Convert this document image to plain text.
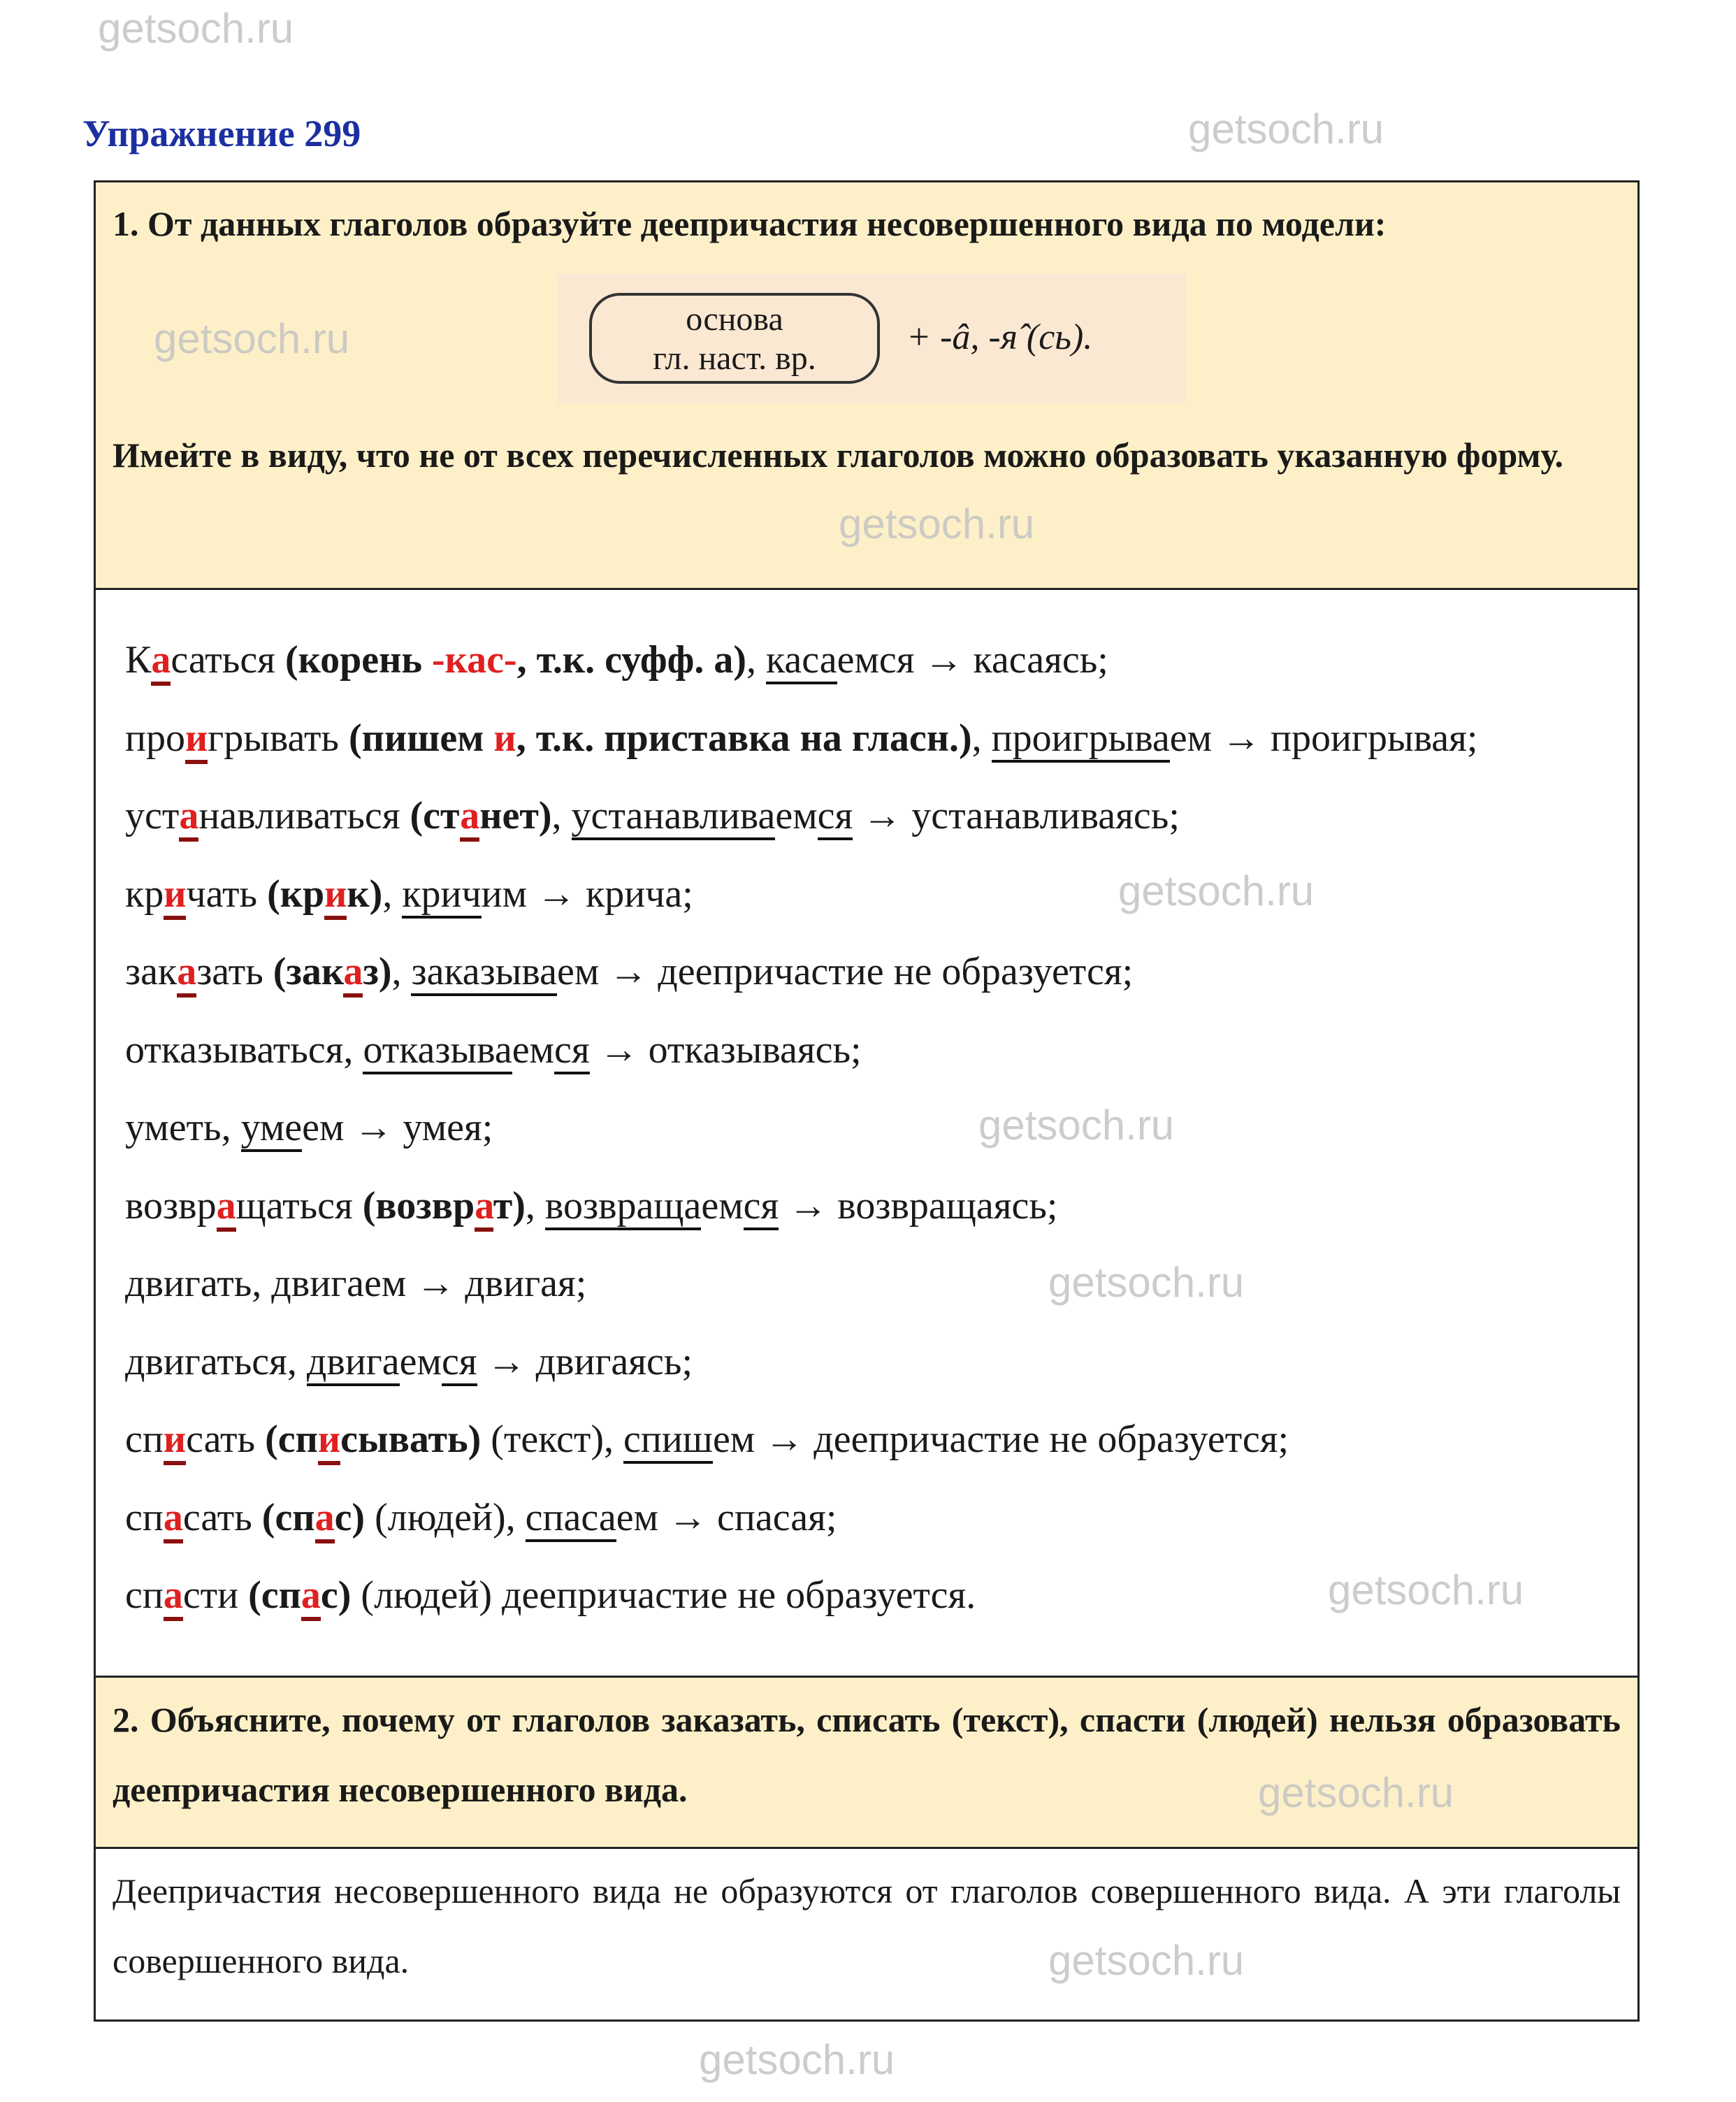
getsoch.ru
Упражнение 299	getsoch.ru
1. От данных глаголов образуйте деепричастия несовершенного вида по модели:
основа
гл. наст. вр.
+ -â, -я̂ (сь).
Имейте в виду, что не от всех перечисленных глаголов можно образовать указанную форму.
Касаться (корень -кас-, т.к. суфф. а), касаемся → касаясь;
проигрывать (пишем и, т.к. приставка на гласн.), проигрываем → проигрывая;
устанавливаться (станет), устанавливаемся → устанавливаясь;
кричать (крик), кричим → крича;
заказать (заказ), заказываем → деепричастие не образуется;
отказываться, отказываемся → отказываясь;
уметь, умеем → умея;
возвращаться (возврат), возвращаемся → возвращаясь;
двигать, двигаем → двигая;
двигаться, двигаемся → двигаясь;
списать (списывать) (текст), спишем → деепричастие не образуется;
спасать (спас) (людей), спасаем → спасая;
спасти (спас) (людей) деепричастие не образуется.
2. Объясните, почему от глаголов заказать, списать (текст), спасти (людей) нельзя образовать деепричастия несовершенного вида.
Деепричастия несовершенного вида не образуются от глаголов совершенного вида. А эти глаголы совершенного вида.
getsoch.ru
getsoch.ru
getsoch.ru
getsoch.ru
getsoch.ru
getsoch.ru
getsoch.ru
getsoch.ru
getsoch.ru
